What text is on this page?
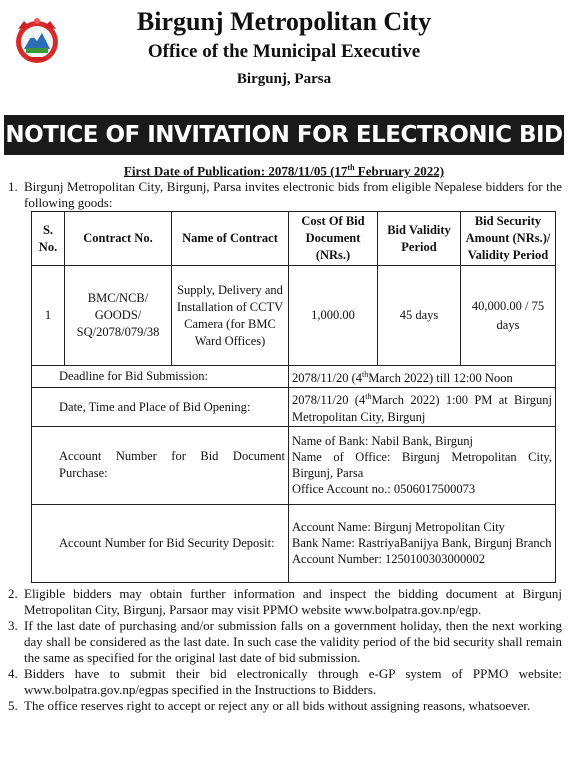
Birgunj Metropolitan City
Office of the Municipal Executive
Birgunj, Parsa
NOTICE OF INVITATION FOR ELECTRONIC BID
First Date of Publication: 2078/11/05 (17th February 2022)
1. Birgunj Metropolitan City, Birgunj, Parsa invites electronic bids from eligible Nepalese bidders for the following goods:
S. No.	Contract No.	Name of Contract	Cost Of Bid Document (NRs.)	Bid Validity Period	Bid Security Amount (NRs.)/ Validity Period
1	BMC/NCB/ GOODS/ SQ/2078/079/38	Supply, Delivery and Installation of CCTV Camera (for BMC Ward Offices)	1,000.00	45 days	40,000.00 / 75 days
Deadline for Bid Submission:			2078/11/20 (4thMarch 2022) till 12:00 Noon		
Date, Time and Place of Bid Opening:			2078/11/20 (4thMarch 2022) 1:00 PM at Birgunj Metropolitan City, Birgunj		
Account Number for Bid Document Purchase:			Name of Bank: Nabil Bank, Birgunj
Name of Office: Birgunj Metropolitan City, Birgunj, Parsa
Office Account no.: 0506017500073		

Account Number for Bid Security Deposit:			Account Name: Birgunj Metropolitan City
Bank Name: RastriyaBanijya Bank, Birgunj Branch
Account Number: 1250100303000002		
2. Eligible bidders may obtain further information and inspect the bidding document at Birgunj Metropolitan City, Birgunj, Parsaor may visit PPMO website www.bolpatra.gov.np/egp.
3. If the last date of purchasing and/or submission falls on a government holiday, then the next working day shall be considered as the last date. In such case the validity period of the bid security shall remain the same as specified for the original last date of bid submission.
4. Bidders have to submit their bid electronically through e-GP system of PPMO website: www.bolpatra.gov.np/egpas specified in the Instructions to Bidders.
5. The office reserves right to accept or reject any or all bids without assigning reasons, whatsoever.
